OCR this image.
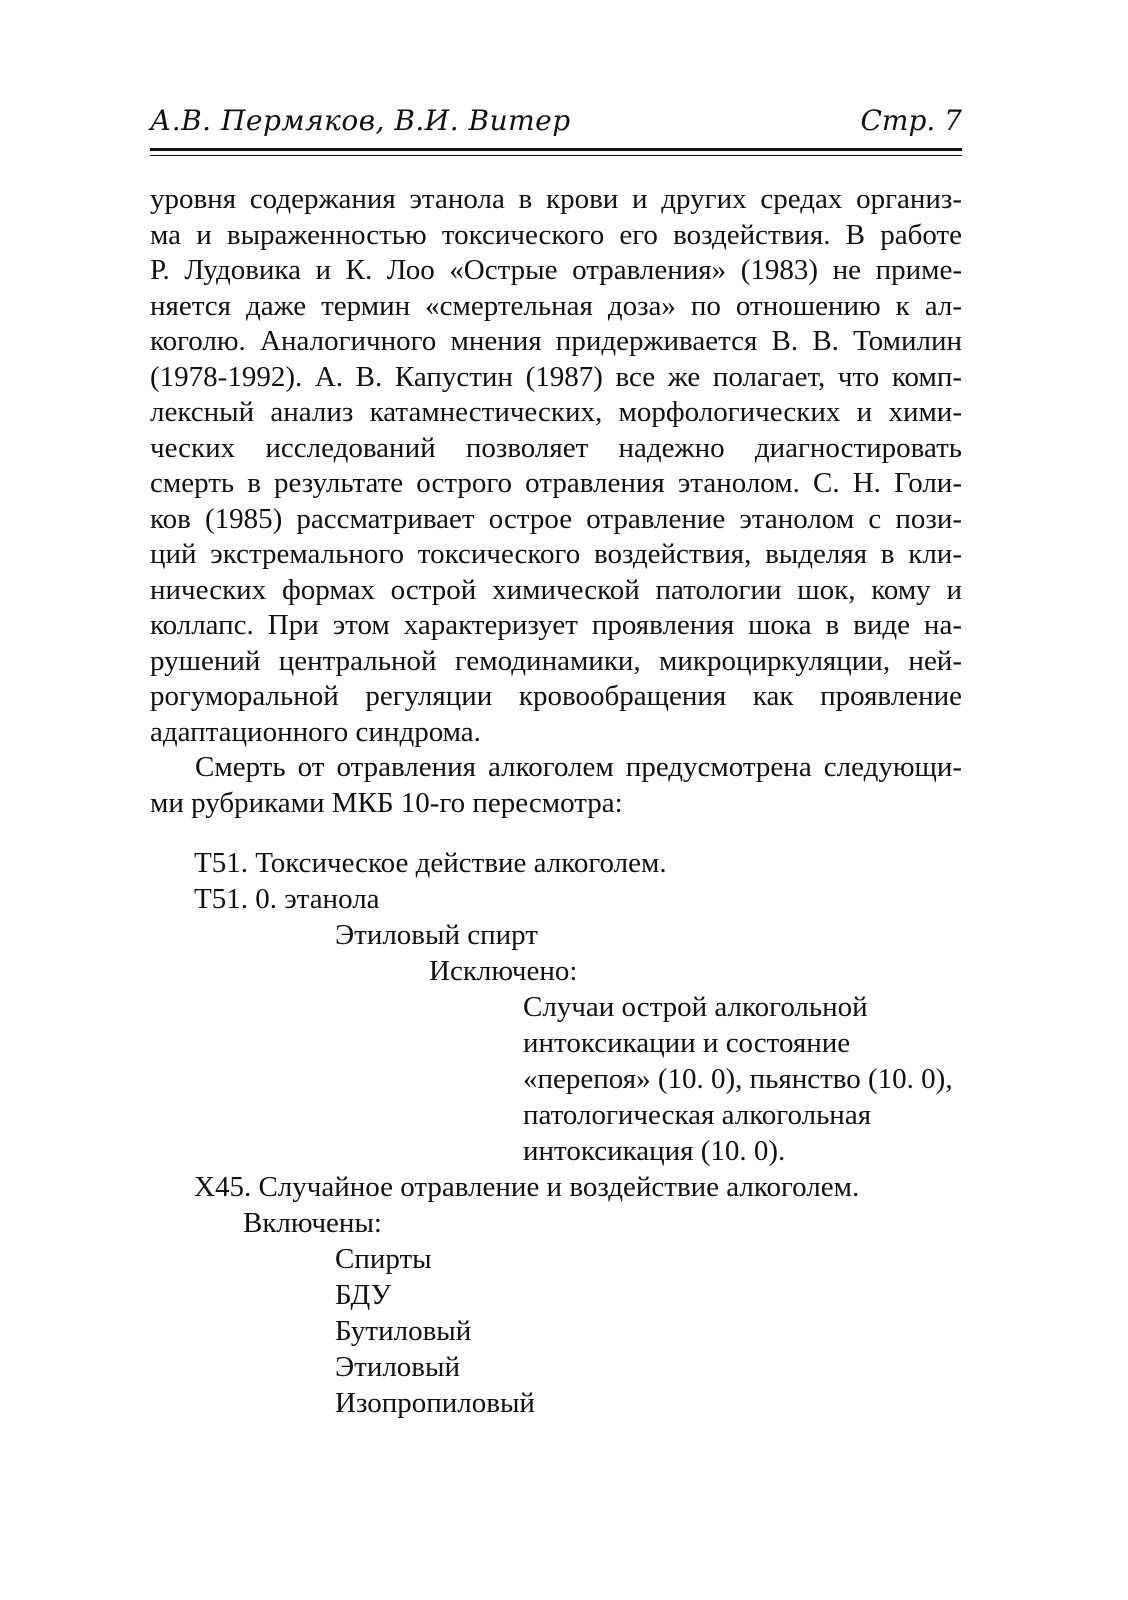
А.В. Пермяков, В.И. Витер	Стр. 7
уровня содержания этанола в крови и других средах организ-
ма и выраженностью токсического его воздействия. В работе
Р. Лудовика и К. Лоо «Острые отравления» (1983) не приме-
няется даже термин «смертельная доза» по отношению к ал-
коголю. Аналогичного мнения придерживается В. В. Томилин
(1978-1992). А. В. Капустин (1987) все же полагает, что комп-
лексный анализ катамнестических, морфологических и хими-
ческих исследований позволяет надежно диагностировать
смерть в результате острого отравления этанолом. С. Н. Голи-
ков (1985) рассматривает острое отравление этанолом с пози-
ций экстремального токсического воздействия, выделяя в кли-
нических формах острой химической патологии шок, кому и
коллапс. При этом характеризует проявления шока в виде на-
рушений центральной гемодинамики, микроциркуляции, ней-
рогуморальной регуляции кровообращения как проявление
адаптационного синдрома.
Смерть от отравления алкоголем предусмотрена следующи-
ми рубриками МКБ 10-го пересмотра:
Т51. Токсическое действие алкоголем.
Т51. 0. этанола
Этиловый спирт
Исключено:
Случаи острой алкогольной
интоксикации и состояние
«перепоя» (10. 0), пьянство (10. 0),
патологическая алкогольная
интоксикация (10. 0).
Х45. Случайное отравление и воздействие алкоголем.
Включены:
Спирты
БДУ
Бутиловый
Этиловый
Изопропиловый
